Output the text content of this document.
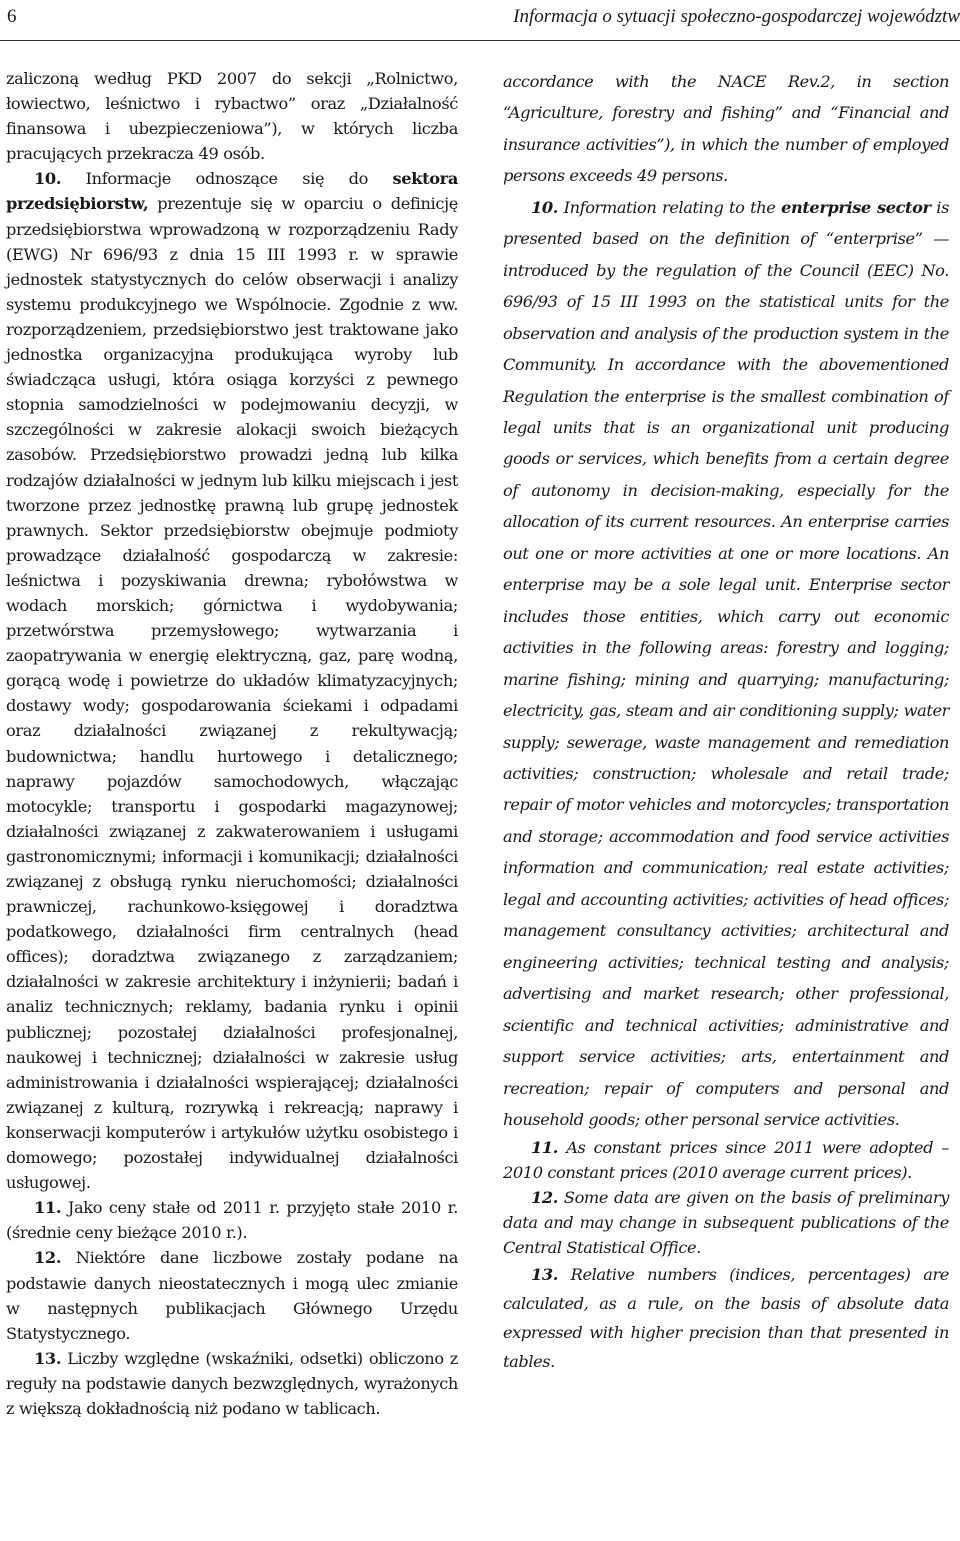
6	Informacja o sytuacji społeczno-gospodarczej województw

zaliczoną według PKD 2007 do sekcji „Rolnictwo, łowiectwo, leśnictwo i rybactwo” oraz „Działalność finansowa i ubezpieczeniowa”), w których liczba pracujących przekracza 49 osób.

10. Informacje odnoszące się do sektora przedsiębiorstw, prezentuje się w oparciu o definicję przedsiębiorstwa wprowadzoną w rozporządzeniu Rady (EWG) Nr 696/93 z dnia 15 III 1993 r. w sprawie jednostek statystycznych do celów obserwacji i analizy systemu produkcyjnego we Wspólnocie. Zgodnie z ww. rozporządzeniem, przedsiębiorstwo jest traktowane jako jednostka organizacyjna produkująca wyroby lub świadcząca usługi, która osiąga korzyści z pewnego stopnia samodzielności w podejmowaniu decyzji, w szczególności w zakresie alokacji swoich bieżących zasobów. Przedsiębiorstwo prowadzi jedną lub kilka rodzajów działalności w jednym lub kilku miejscach i jest tworzone przez jednostkę prawną lub grupę jednostek prawnych. Sektor przedsiębiorstw obejmuje podmioty prowadzące działalność gospodarczą w zakresie: leśnictwa i pozyskiwania drewna; rybołówstwa w wodach morskich; górnictwa i wydobywania; przetwórstwa przemysłowego; wytwarzania i zaopatrywania w energię elektryczną, gaz, parę wodną, gorącą wodę i powietrze do układów klimatyzacyjnych; dostawy wody; gospodarowania ściekami i odpadami oraz działalności związanej z rekultywacją; budownictwa; handlu hurtowego i detalicznego; naprawy pojazdów samochodowych, włączając motocykle; transportu i gospodarki magazynowej; działalności związanej z zakwaterowaniem i usługami gastronomicznymi; informacji i komunikacji; działalności związanej z obsługą rynku nieruchomości; działalności prawniczej, rachunkowo-księgowej i doradztwa podatkowego, działalności firm centralnych (head offices); doradztwa związanego z zarządzaniem; działalności w zakresie architektury i inżynierii; badań i analiz technicznych; reklamy, badania rynku i opinii publicznej; pozostałej działalności profesjonalnej, naukowej i technicznej; działalności w zakresie usług administrowania i działalności wspierającej; działalności związanej z kulturą, rozrywką i rekreacją; naprawy i konserwacji komputerów i artykułów użytku osobistego i domowego; pozostałej indywidualnej działalności usługowej.

11. Jako ceny stałe od 2011 r. przyjęto stałe 2010 r. (średnie ceny bieżące 2010 r.).

12. Niektóre dane liczbowe zostały podane na podstawie danych nieostatecznych i mogą ulec zmianie w następnych publikacjach Głównego Urzędu Statystycznego.

13. Liczby względne (wskaźniki, odsetki) obliczono z reguły na podstawie danych bezwzględnych, wyrażonych z większą dokładnością niż podano w tablicach.

accordance with the NACE Rev.2, in section “Agriculture, forestry and fishing” and “Financial and insurance activities”), in which the number of employed persons exceeds 49 persons.

10. Information relating to the enterprise sector is presented based on the definition of “enterprise” — introduced by the regulation of the Council (EEC) No. 696/93 of 15 III 1993 on the statistical units for the observation and analysis of the production system in the Community. In accordance with the abovementioned Regulation the enterprise is the smallest combination of legal units that is an organizational unit producing goods or services, which benefits from a certain degree of autonomy in decision-making, especially for the allocation of its current resources. An enterprise carries out one or more activities at one or more locations. An enterprise may be a sole legal unit. Enterprise sector includes those entities, which carry out economic activities in the following areas: forestry and logging; marine fishing; mining and quarrying; manufacturing; electricity, gas, steam and air conditioning supply; water supply; sewerage, waste management and remediation activities; construction; wholesale and retail trade; repair of motor vehicles and motorcycles; transportation and storage; accommodation and food service activities information and communication; real estate activities; legal and accounting activities; activities of head offices; management consultancy activities; architectural and engineering activities; technical testing and analysis; advertising and market research; other professional, scientific and technical activities; administrative and support service activities; arts, entertainment and recreation; repair of computers and personal and household goods; other personal service activities.

11. As constant prices since 2011 were adopted – 2010 constant prices (2010 average current prices).

12. Some data are given on the basis of preliminary data and may change in subsequent publications of the Central Statistical Office.

13. Relative numbers (indices, percentages) are calculated, as a rule, on the basis of absolute data expressed with higher precision than that presented in tables.
